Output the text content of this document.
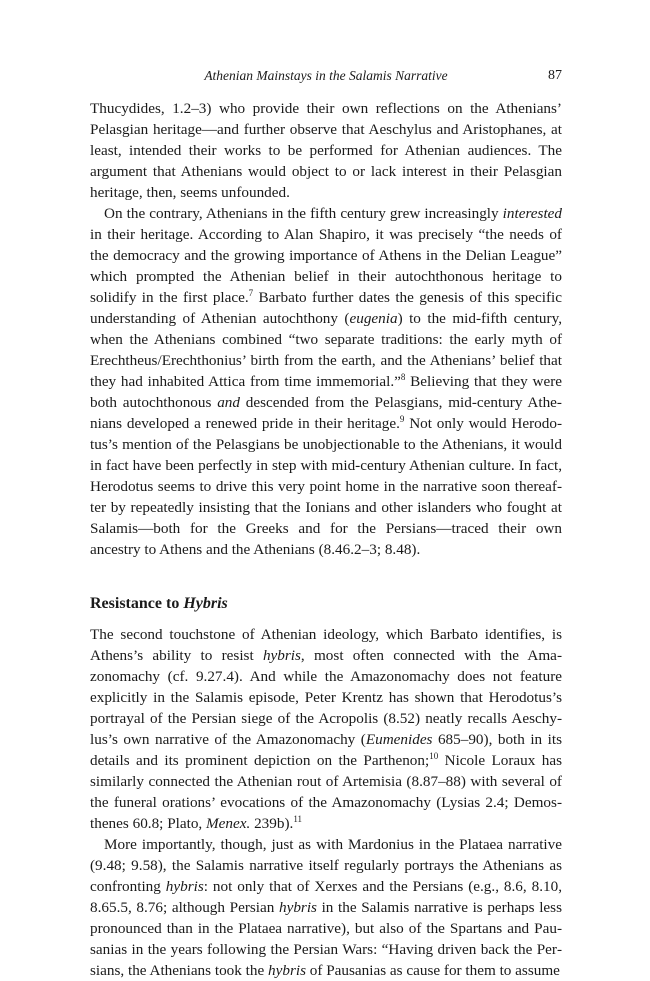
Athenian Mainstays in the Salamis Narrative	87

Thucydides, 1.2–3) who provide their own reflections on the Athenians’ Pelasgian heritage—and further observe that Aeschylus and Aristophanes, at least, intended their works to be performed for Athenian audiences. The argument that Athenians would object to or lack interest in their Pelasgian heritage, then, seems unfounded.

On the contrary, Athenians in the fifth century grew increasingly interested in their heritage. According to Alan Shapiro, it was precisely “the needs of the democracy and the growing importance of Athens in the Delian League” which prompted the Athenian belief in their autochthonous heritage to solidify in the first place.$^7$ Barbato further dates the genesis of this specific understanding of Athenian autochthony (eugenia) to the mid-fifth century, when the Athenians combined “two separate traditions: the early myth of Erechtheus/Erechthonius’ birth from the earth, and the Athenians’ belief that they had inhabited Attica from time immemorial.”$^8$ Believing that they were both autochthonous and descended from the Pelasgians, mid-century Athenians developed a renewed pride in their heritage.$^9$ Not only would Herodotus’s mention of the Pelasgians be unobjectionable to the Athenians, it would in fact have been perfectly in step with mid-century Athenian culture. In fact, Herodotus seems to drive this very point home in the narrative soon thereafter by repeatedly insisting that the Ionians and other islanders who fought at Salamis—both for the Greeks and for the Persians—traced their own ancestry to Athens and the Athenians (8.46.2–3; 8.48).

Resistance to Hybris

The second touchstone of Athenian ideology, which Barbato identifies, is Athens’s ability to resist hybris, most often connected with the Amazonomachy (cf. 9.27.4). And while the Amazonomachy does not feature explicitly in the Salamis episode, Peter Krentz has shown that Herodotus’s portrayal of the Persian siege of the Acropolis (8.52) neatly recalls Aeschylus’s own narrative of the Amazonomachy (Eumenides 685–90), both in its details and its prominent depiction on the Parthenon;$^{10}$ Nicole Loraux has similarly connected the Athenian rout of Artemisia (8.87–88) with several of the funeral orations’ evocations of the Amazonomachy (Lysias 2.4; Demosthenes 60.8; Plato, Menex. 239b).$^{11}$

More importantly, though, just as with Mardonius in the Plataea narrative (9.48; 9.58), the Salamis narrative itself regularly portrays the Athenians as confronting hybris: not only that of Xerxes and the Persians (e.g., 8.6, 8.10, 8.65.5, 8.76; although Persian hybris in the Salamis narrative is perhaps less pronounced than in the Plataea narrative), but also of the Spartans and Pausanias in the years following the Persian Wars: “Having driven back the Persians, the Athenians took the hybris of Pausanias as cause for them to assume
